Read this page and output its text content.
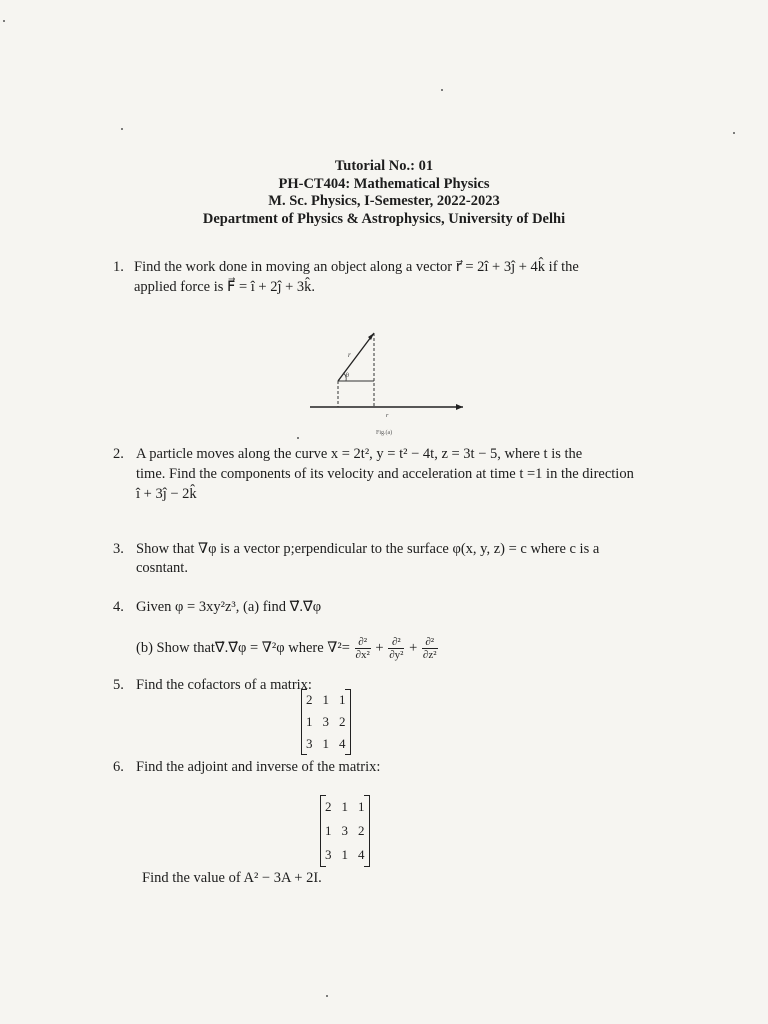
Tutorial No.: 01
PH-CT404: Mathematical Physics
M. Sc. Physics, I-Semester, 2022-2023
Department of Physics & Astrophysics, University of Delhi
1. Find the work done in moving an object along a vector r⃗ = 2î + 3ĵ + 4k̂ if the
applied force is F⃗ = î + 2ĵ + 3k̂.
r
θ
r
Fig.(a)
2. A particle moves along the curve x = 2t², y = t² − 4t, z = 3t − 5, where t is the
time. Find the components of its velocity and acceleration at time t =1 in the direction
î + 3ĵ − 2k̂
3. Show that ∇φ is a vector p;erpendicular to the surface φ(x, y, z) = c where c is a
cosntant.
4. Given φ = 3xy²z³, (a) find ∇⃗.∇⃗φ
(b) Show that∇⃗.∇⃗φ = ∇²φ where $\nabla^2= \frac{\text{∂²}}{\text{∂x²}} + \frac{\text{∂²}}{\text{∂y²}} + \frac{\text{∂²}}{\text{∂z²}}$
5. Find the cofactors of a matrix:
2	1	1
1	3	2
3	1	4
6. Find the adjoint and inverse of the matrix:
2	1	1
1	3	2
3	1	4
Find the value of A² − 3A + 2I.
